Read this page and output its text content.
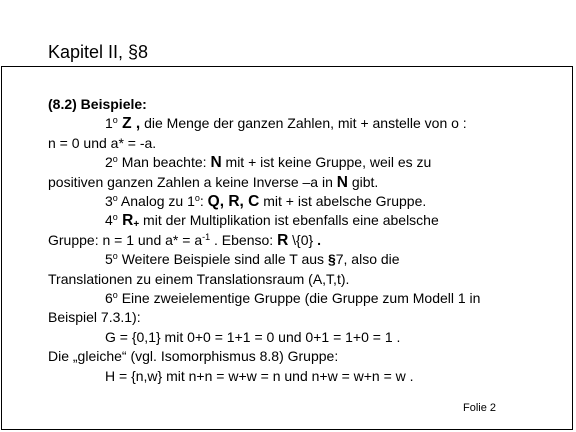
Kapitel II, §8
(8.2) Beispiele:
1$^o$ Z , die Menge der ganzen Zahlen, mit + anstelle von o :
n = 0 und a* = -a.
2$^o$ Man beachte: N mit + ist keine Gruppe, weil es zu
positiven ganzen Zahlen a keine Inverse –a in N gibt.
3$^o$ Analog zu 1$^o$: Q, R, C mit + ist abelsche Gruppe.
4$^o$ $R_+$ mit der Multiplikation ist ebenfalls eine abelsche
Gruppe: n = 1 und $a* = a^{-1}$ . Ebenso: R \{0} .
5$^o$ Weitere Beispiele sind alle T aus §7, also die
Translationen zu einem Translationsraum (A,T,t).
6$^o$ Eine zweielementige Gruppe (die Gruppe zum Modell 1 in
Beispiel 7.3.1):
G = {0,1} mit 0+0 = 1+1 = 0 und 0+1 = 1+0 = 1 .
Die „gleiche“ (vgl. Isomorphismus 8.8) Gruppe:
H = {n,w} mit n+n = w+w = n und n+w = w+n = w .
Folie 2
